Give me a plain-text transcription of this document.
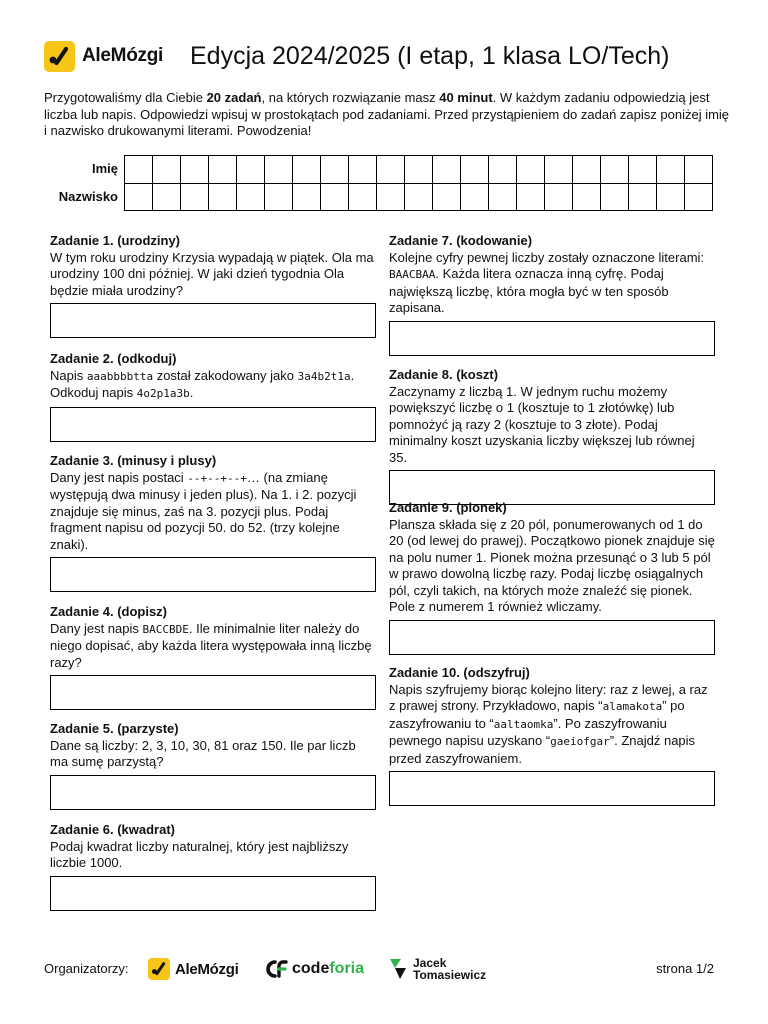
AleMózgi Edycja 2024/2025 (I etap, 1 klasa LO/Tech)
Przygotowaliśmy dla Ciebie 20 zadań, na których rozwiązanie masz 40 minut. W każdym zadaniu odpowiedzią jest liczba lub napis. Odpowiedzi wpisuj w prostokątach pod zadaniami. Przed przystąpieniem do zadań zapisz poniżej imię i nazwisko drukowanymi literami. Powodzenia!
Imię
Nazwisko
Zadanie 1. (urodziny)
W tym roku urodziny Krzysia wypadają w piątek. Ola ma urodziny 100 dni później. W jaki dzień tygodnia Ola będzie miała urodziny?
Zadanie 2. (odkoduj)
Napis aaabbbbtta został zakodowany jako 3a4b2t1a. Odkoduj napis 4o2p1a3b.
Zadanie 3. (minusy i plusy)
Dany jest napis postaci --+--+--+… (na zmianę występują dwa minusy i jeden plus). Na 1. i 2. pozycji znajduje się minus, zaś na 3. pozycji plus. Podaj fragment napisu od pozycji 50. do 52. (trzy kolejne znaki).
Zadanie 4. (dopisz)
Dany jest napis BACCBDE. Ile minimalnie liter należy do niego dopisać, aby każda litera występowała inną liczbę razy?
Zadanie 5. (parzyste)
Dane są liczby: 2, 3, 10, 30, 81 oraz 150. Ile par liczb ma sumę parzystą?
Zadanie 6. (kwadrat)
Podaj kwadrat liczby naturalnej, który jest najbliższy liczbie 1000.
Zadanie 7. (kodowanie)
Kolejne cyfry pewnej liczby zostały oznaczone literami: BAACBAA. Każda litera oznacza inną cyfrę. Podaj największą liczbę, która mogła być w ten sposób zapisana.
Zadanie 8. (koszt)
Zaczynamy z liczbą 1. W jednym ruchu możemy powiększyć liczbę o 1 (kosztuje to 1 złotówkę) lub pomnożyć ją razy 2 (kosztuje to 3 złote). Podaj minimalny koszt uzyskania liczby większej lub równej 35.
Zadanie 9. (pionek)
Plansza składa się z 20 pól, ponumerowanych od 1 do 20 (od lewej do prawej). Początkowo pionek znajduje się na polu numer 1. Pionek można przesunąć o 3 lub 5 pól w prawo dowolną liczbę razy. Podaj liczbę osiągalnych pól, czyli takich, na których może znaleźć się pionek. Pole z numerem 1 również wliczamy.
Zadanie 10. (odszyfruj)
Napis szyfrujemy biorąc kolejno litery: raz z lewej, a raz z prawej strony. Przykładowo, napis “alamakota” po zaszyfrowaniu to “aaltaomka”. Po zaszyfrowaniu pewnego napisu uzyskano “gaeiofgar”. Znajdź napis przed zaszyfrowaniem.
Organizatorzy:	AleMózgi	code foria	Jacek
Tomasiewicz	strona 1/2
